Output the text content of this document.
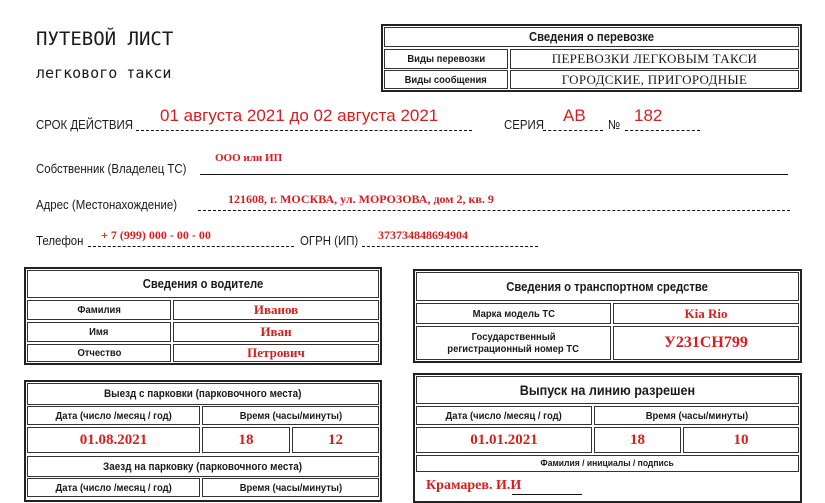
ПУТЕВОЙ ЛИСТ
легкового такси
Сведения о перевозке
Виды перевозки	ПЕРЕВОЗКИ ЛЕГКОВЫМ ТАКСИ
Виды сообщения	ГОРОДСКИЕ, ПРИГОРОДНЫЕ
СРОК ДЕЙСТВИЯ 01 августа 2021 до 02 августа 2021	СЕРИЯ АВ № 182
Собственник (Владелец ТС)
ООО или ИП
Адрес (Местонахождение)	121608, г. МОСКВА, ул. МОРОЗОВА, дом 2, кв. 9
Телефон + 7 (999) 000 - 00 - 00	ОГРН (ИП) 373734848694904
Сведения о водителе
Фамилия	Иванов
Имя	Иван
Отчество	Петрович
Сведения о транспортном средстве
Марка модель ТС	Kia Rio
Государственный
регистрационный номер ТС	У231СН799
Выезд с парковки (парковочного места)
Дата (число /месяц / год)	Время (часы/минуты)
01.08.2021	18	12
Заезд на парковку (парковочного места)
Дата (число /месяц / год)	Время (часы/минуты)
Выпуск на линию разрешен
Дата (число /месяц / год)	Время (часы/минуты)
01.01.2021	18	10
Фамилия / инициалы / подпись
Крамарев. И.И
